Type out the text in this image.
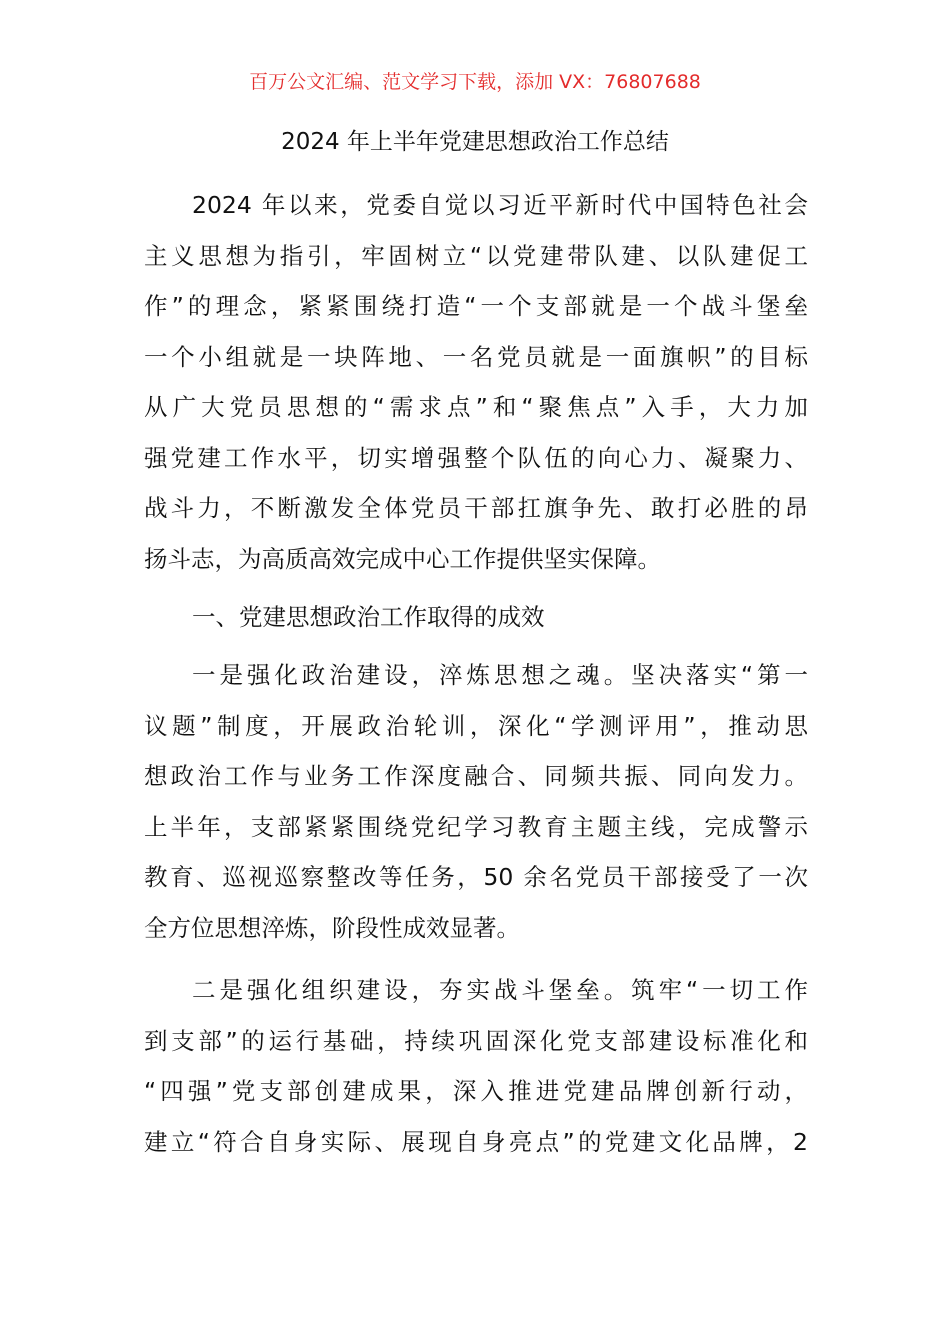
百万公文汇编、范文学习下载，添加 VX：76807688
2024 年上半年党建思想政治工作总结
2024 年以来，党委自觉以习近平新时代中国特色社会
主义思想为指引，牢固树立“以党建带队建、以队建促工
作”的理念，紧紧围绕打造“一个支部就是一个战斗堡垒
一个小组就是一块阵地、一名党员就是一面旗帜”的目标
从广大党员思想的“需求点”和“聚焦点”入手，大力加
强党建工作水平，切实增强整个队伍的向心力、凝聚力、
战斗力，不断激发全体党员干部扛旗争先、敢打必胜的昂
扬斗志，为高质高效完成中心工作提供坚实保障。
一、党建思想政治工作取得的成效
一是强化政治建设，淬炼思想之魂。坚决落实“第一
议题”制度，开展政治轮训，深化“学测评用”，推动思
想政治工作与业务工作深度融合、同频共振、同向发力。
上半年，支部紧紧围绕党纪学习教育主题主线，完成警示
教育、巡视巡察整改等任务，50 余名党员干部接受了一次
全方位思想淬炼，阶段性成效显著。
二是强化组织建设，夯实战斗堡垒。筑牢“一切工作
到支部”的运行基础，持续巩固深化党支部建设标准化和
“四强”党支部创建成果，深入推进党建品牌创新行动，
建立“符合自身实际、展现自身亮点”的党建文化品牌，2
